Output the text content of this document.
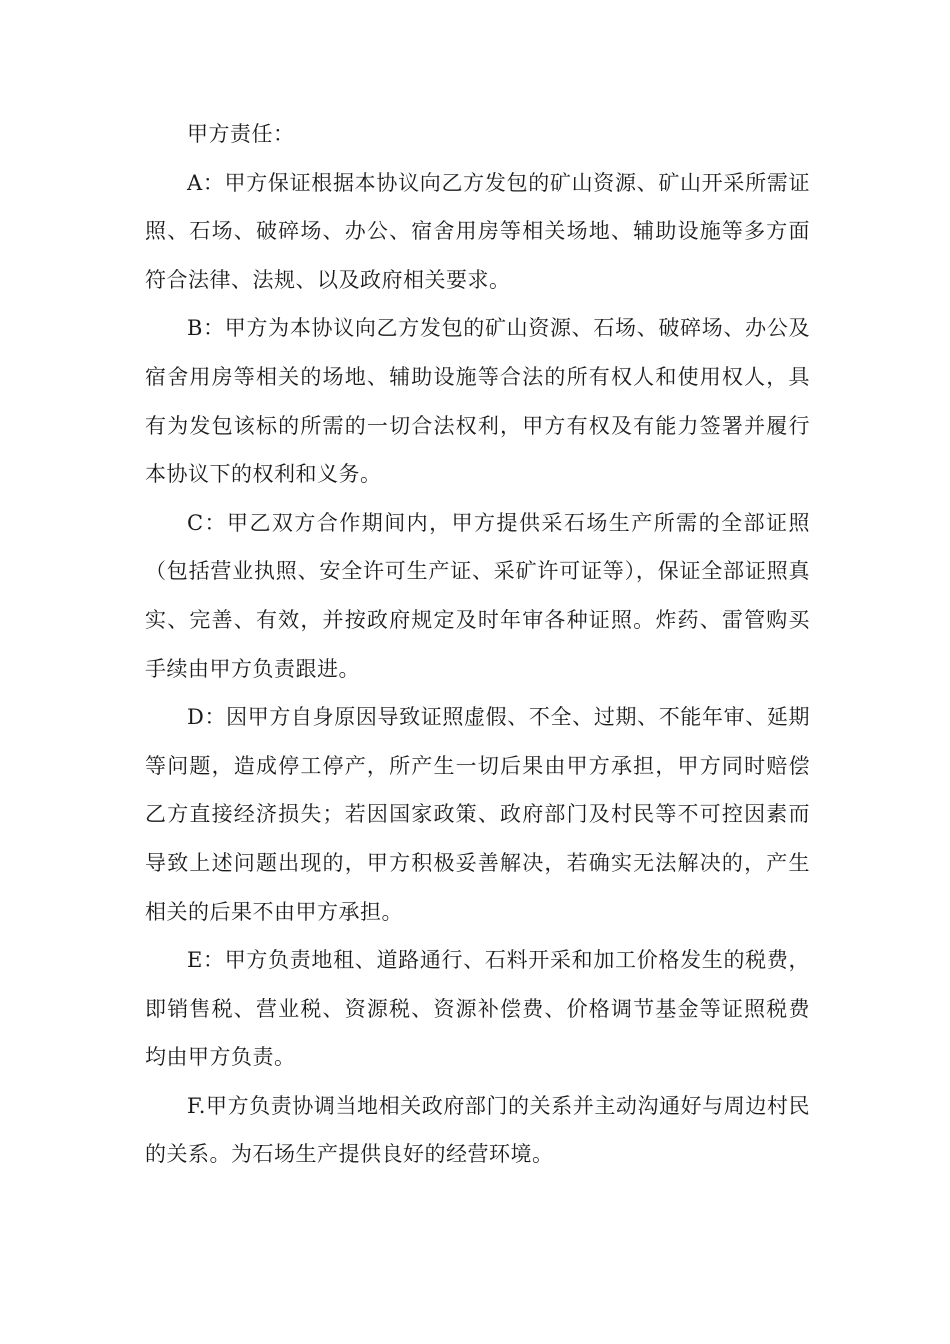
甲方责任：

A：甲方保证根据本协议向乙方发包的矿山资源、矿山开采所需证照、石场、破碎场、办公、宿舍用房等相关场地、辅助设施等多方面符合法律、法规、以及政府相关要求。

B：甲方为本协议向乙方发包的矿山资源、石场、破碎场、办公及宿舍用房等相关的场地、辅助设施等合法的所有权人和使用权人，具有为发包该标的所需的一切合法权利，甲方有权及有能力签署并履行本协议下的权利和义务。

C：甲乙双方合作期间内，甲方提供采石场生产所需的全部证照（包括营业执照、安全许可生产证、采矿许可证等），保证全部证照真实、完善、有效，并按政府规定及时年审各种证照。炸药、雷管购买手续由甲方负责跟进。

D：因甲方自身原因导致证照虚假、不全、过期、不能年审、延期等问题，造成停工停产，所产生一切后果由甲方承担，甲方同时赔偿乙方直接经济损失；若因国家政策、政府部门及村民等不可控因素而导致上述问题出现的，甲方积极妥善解决，若确实无法解决的，产生相关的后果不由甲方承担。

E：甲方负责地租、道路通行、石料开采和加工价格发生的税费，即销售税、营业税、资源税、资源补偿费、价格调节基金等证照税费均由甲方负责。

F.甲方负责协调当地相关政府部门的关系并主动沟通好与周边村民的关系。为石场生产提供良好的经营环境。
